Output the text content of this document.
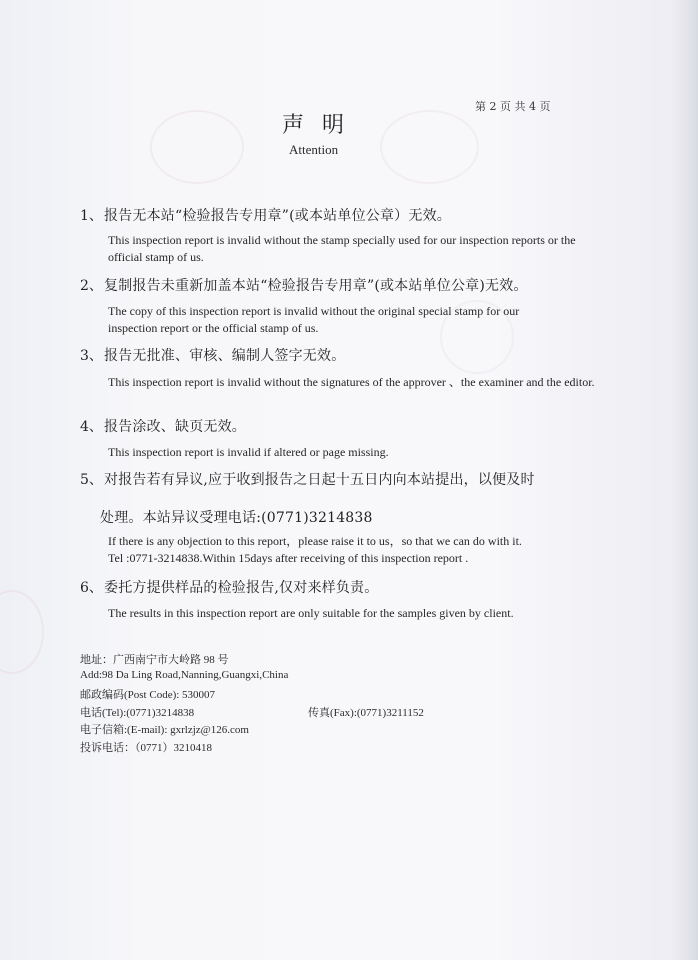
第 2 页 共 4 页
声明
Attention
1、 报告无本站“检验报告专用章”(或本站单位公章）无效。
This inspection report is invalid without the stamp specially used for our inspection reports or the official stamp of us.
2、 复制报告未重新加盖本站“检验报告专用章”(或本站单位公章)无效。
The copy of this inspection report is invalid without the original special stamp for our inspection report or the official stamp of us.
3、 报告无批准、审核、编制人签字无效。
This inspection report is invalid without the signatures of the approver 、the examiner and the editor.
4、 报告涂改、缺页无效。
This inspection report is invalid if altered or page missing.
5、 对报告若有异议,应于收到报告之日起十五日内向本站提出，以便及时
处理。本站异议受理电话:(0771)3214838
If there is any objection to this report，please raise it to us，so that we can do with it.
Tel :0771-3214838.Within 15days after receiving of this inspection report .
6、 委托方提供样品的检验报告,仅对来样负责。
The results in this inspection report are only suitable for the samples given by client.
地址：广西南宁市大岭路 98 号
Add:98 Da Ling Road,Nanning,Guangxi,China
邮政编码(Post Code): 530007
电话(Tel):(0771)3214838	传真(Fax):(0771)3211152
电子信箱:(E-mail): gxrlzjz@126.com
投诉电话：（0771）3210418
